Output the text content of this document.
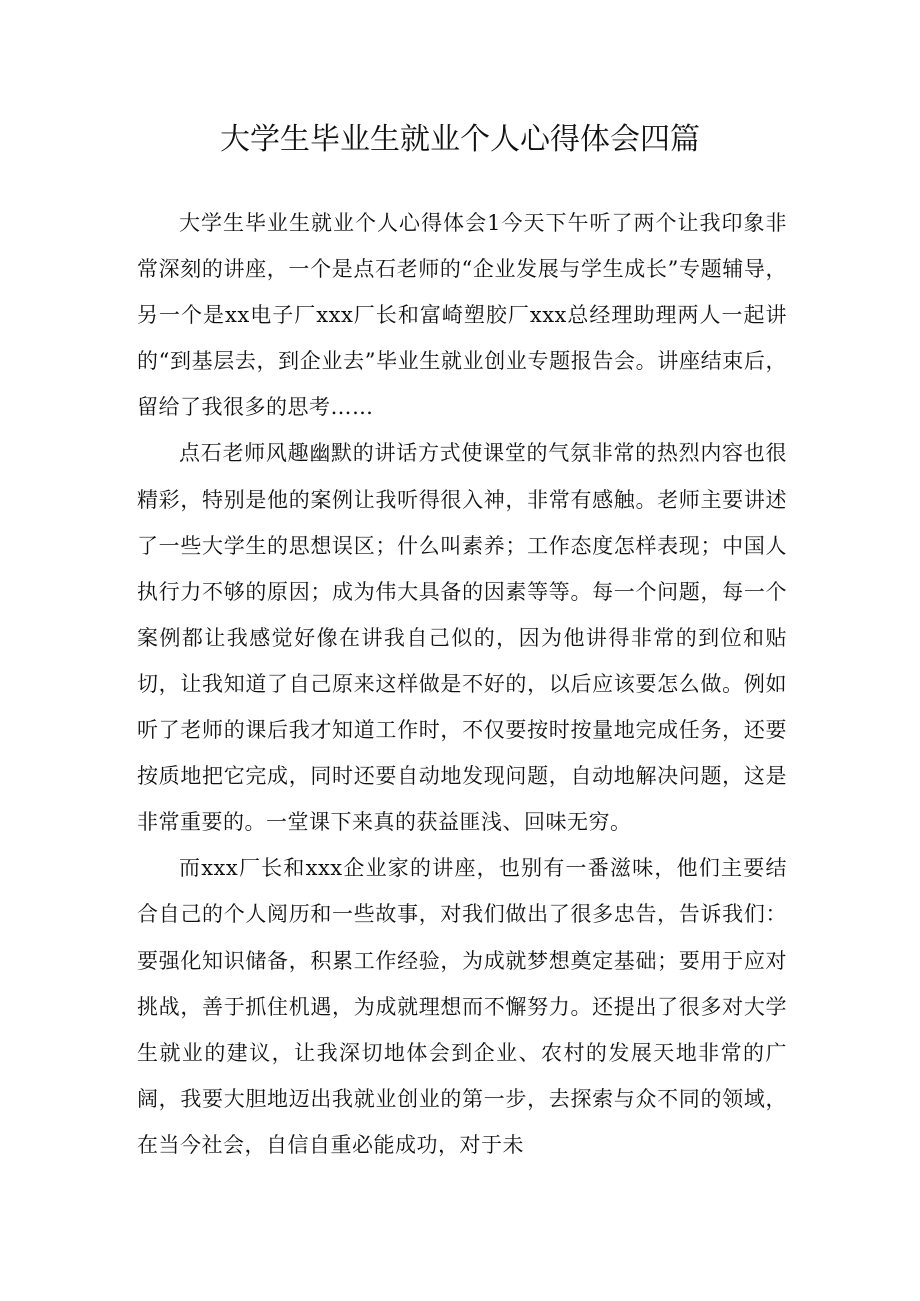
大学生毕业生就业个人心得体会四篇

大学生毕业生就业个人心得体会1今天下午听了两个让我印象非常深刻的讲座，一个是点石老师的“企业发展与学生成长”专题辅导，另一个是xx电子厂xxx厂长和富崎塑胶厂xxx总经理助理两人一起讲的“到基层去，到企业去”毕业生就业创业专题报告会。讲座结束后，留给了我很多的思考……

点石老师风趣幽默的讲话方式使课堂的气氛非常的热烈内容也很精彩，特别是他的案例让我听得很入神，非常有感触。老师主要讲述了一些大学生的思想误区；什么叫素养；工作态度怎样表现；中国人执行力不够的原因；成为伟大具备的因素等等。每一个问题，每一个案例都让我感觉好像在讲我自己似的，因为他讲得非常的到位和贴切，让我知道了自己原来这样做是不好的，以后应该要怎么做。例如听了老师的课后我才知道工作时，不仅要按时按量地完成任务，还要按质地把它完成，同时还要自动地发现问题，自动地解决问题，这是非常重要的。一堂课下来真的获益匪浅、回味无穷。

而xxx厂长和xxx企业家的讲座，也别有一番滋味，他们主要结合自己的个人阅历和一些故事，对我们做出了很多忠告，告诉我们：要强化知识储备，积累工作经验，为成就梦想奠定基础；要用于应对挑战，善于抓住机遇，为成就理想而不懈努力。还提出了很多对大学生就业的建议，让我深切地体会到企业、农村的发展天地非常的广阔，我要大胆地迈出我就业创业的第一步，去探索与众不同的领域，在当今社会，自信自重必能成功，对于未
